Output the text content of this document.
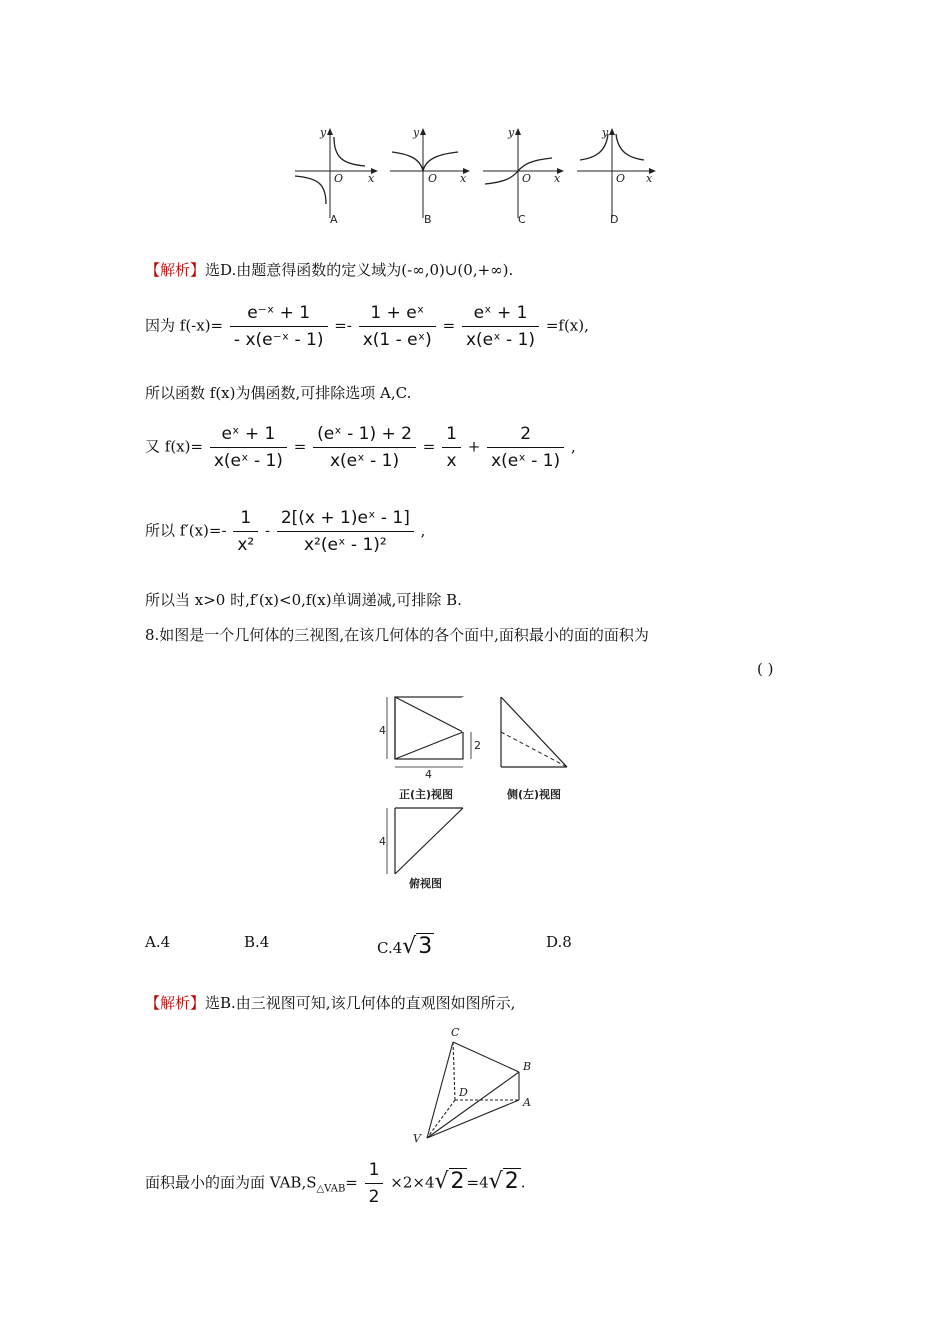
y
x
O
y
x
O
y
x
O
y
x
O
A	B	C	D
【解析】选D.由题意得函数的定义域为(-∞,0)∪(0,+∞).
因为 $f(-x)= \frac{\text{e⁻ˣ + 1}}{\text{- x(e⁻ˣ - 1)}} =- \frac{\text{1 + eˣ}}{\text{x(1 - eˣ)}} = \frac{\text{eˣ + 1}}{\text{x(eˣ - 1)}} =f(x)$,
所以函数 f(x)为偶函数,可排除选项 A,C.
又 $f(x)= \frac{\text{eˣ + 1}}{\text{x(eˣ - 1)}} = \frac{\text{(eˣ - 1) + 2}}{\text{x(eˣ - 1)}} = \frac{1}{x} + \frac{2}{\text{x(eˣ - 1)}}$ ,
所以 $f'(x)=- \frac{1}{\text{x²}} - \frac{\text{2[(x + 1)eˣ - 1]}}{\text{x²(eˣ - 1)²}}$ ,
所以当 x>0 时,f′(x)<0,f(x)单调递减,可排除 B.
8.如图是一个几何体的三视图,在该几何体的各个面中,面积最小的面的面积为
( )
4
2
4
4
正(主)视图	侧(左)视图
俯视图
A.4	B.4	C.4√3	D.8
【解析】选B.由三视图可知,该几何体的直观图如图所示,
C
B
D
A
V
面积最小的面为面 $VAB,S_{\triangle VAB}= \frac{1}{2} \times 2\times 4√2 =4√2$ .
